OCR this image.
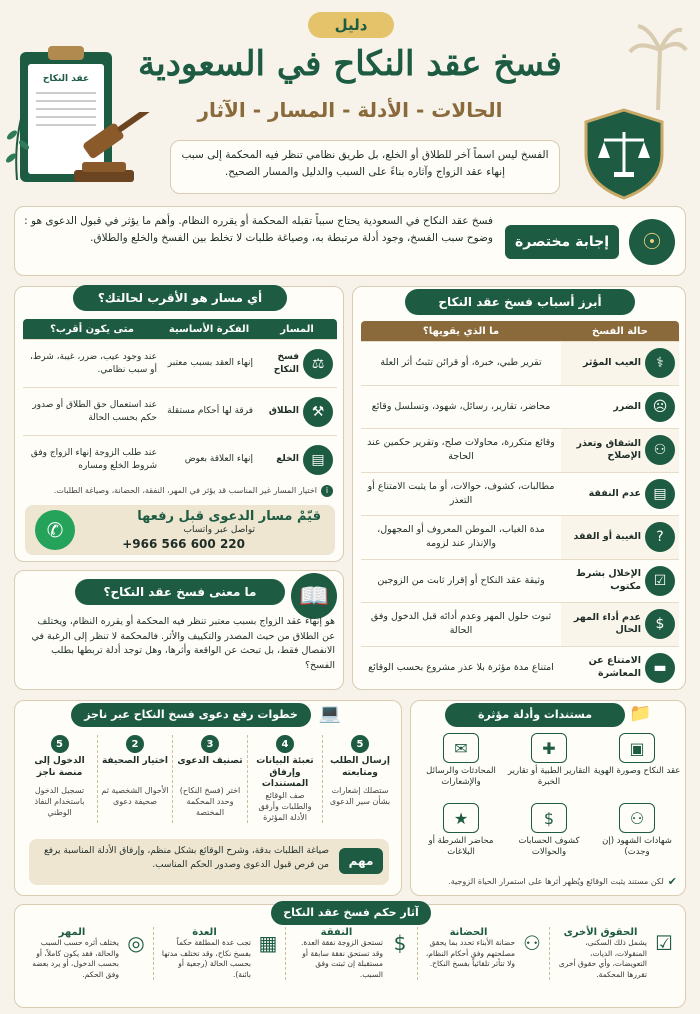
عقد النكاح
دليل
فسخ عقد النكاح في السعودية
الحالات - الأدلة - المسار - الآثار
الفسخ ليس اسماً آخر للطلاق أو الخلع، بل طريق نظامي تنظر فيه المحكمة إلى سبب إنهاء عقد الزواج وآثاره بناءً على السبب والدليل والمسار الصحيح.
☉
إجابة مختصرة
فسخ عقد النكاح في السعودية يحتاج سبباً تقبله المحكمة أو يقرره النظام. وأهم ما يؤثر في قبول الدعوى هو : وضوح سبب الفسخ، وجود أدلة مرتبطة به، وصياغة طلبات لا تخلط بين الفسخ والخلع والطلاق.
أي مسار هو الأقرب لحالتك؟
المسار
الفكرة الأساسية
متى يكون أقرب؟
⚖
فسخ النكاح
إنهاء العقد بسبب معتبر
عند وجود عيب، ضرر، غيبة، شرط، أو سبب نظامي.
⚒
الطلاق
فرقة لها أحكام مستقلة
عند استعمال حق الطلاق أو صدور حكم بحسب الحالة
▤
الخلع
إنهاء العلاقة بعوض
عند طلب الزوجة إنهاء الزواج وفق شروط الخلع ومساره
i
اختيار المسار غير المناسب قد يؤثر في المهر، النفقة، الحضانة، وصياغة الطلبات.
قيّمْ مسار الدعوى قبل رفعها
تواصل عبر واتساب
+966 566 600 220
✆
📖
ما معنى فسخ عقد النكاح؟
هو إنهاء عقد الزواج بسبب معتبر تنظر فيه المحكمة أو يقرره النظام، ويختلف عن الطلاق من حيث المصدر والتكييف والأثر. فالمحكمة لا تنظر إلى الرغبة في الانفصال فقط، بل تبحث عن الواقعة وأثرها، وهل توجد أدلة تربطها بطلب الفسخ؟
أبرز أسباب فسخ عقد النكاح
حالة الفسخ
ما الذي يقويها؟
⚕
العيب المؤثر
تقرير طبي، خبرة، أو قرائن تثبتُ أثر العلة
☹
الضرر
محاضر، تقارير، رسائل، شهود، وتسلسل وقائع
⚇
الشقاق وتعذر الإصلاح
وقائع متكررة، محاولات صلح، وتقرير حكمين عند الحاجة
▤
عدم النفقة
مطالبات، كشوف، حوالات، أو ما يثبت الامتناع أو التعذر
?
الغيبة أو الفقد
مدة الغياب، الموطن المعروف أو المجهول، والإنذار عند لزومه
☑
الإخلال بشرط مكتوب
وثيقة عقد النكاح أو إقرار ثابت من الزوجين
$
عدم أداء المهر الحال
ثبوت حلول المهر وعدم أدائه قبل الدخول وفق الحالة
▬
الامتناع عن المعاشرة
امتناع مدة مؤثرة بلا عذر مشروع بحسب الوقائع
خطوات رفع دعوى فسخ النكاح عبر ناجز	💻
5
إرسال الطلب ومتابعته
ستصلك إشعارات بشأن سير الدعوى
4
تعبئة البيانات وإرفاق المستندات
صف الوقائع والطلبات وأرفق الأدلة المؤثرة
3
تصنيف الدعوى
اختر (فسخ النكاح) وحدد المحكمة المختصة
2
اختيار الصحيفة
الأحوال الشخصية ثم صحيفة دعوى
5
الدخول إلى منصة ناجز
تسجيل الدخول باستخدام النفاذ الوطني
مهم
صياغة الطلبات بدقة، وشرح الوقائع بشكل منظم، وإرفاق الأدلة المناسبة يرفع من فرص قبول الدعوى وصدور الحكم المناسب.
مستندات وأدلة مؤثرة	📁
▣
عقد النكاح وصورة الهوية
✚
التقارير الطبية أو تقارير الخبرة
✉
المحادثات والرسائل والإشعارات
⚇
شهادات الشهود (إن وجدت)
$
كشوف الحسابات والحوالات
★
محاضر الشرطة أو البلاغات
✔
لكن مستند يثبت الوقائع ويُظهر أثرها على استمرار الحياة الزوجية.
آثار حكم فسخ عقد النكاح
☑
الحقوق الأخرى
يشمل ذلك السكنى، المنقولات، الديات، التعويضات، وأي حقوق أخرى تقررها المحكمة.
⚇
الحضانة
حضانة الأبناء تحدد بما يحقق مصلحتهم وفق أحكام النظام، ولا تتأثر تلقائياً بفسخ النكاح.
$
النفقة
تستحق الزوجة نفقة العدة. وقد تستحق نفقة سابقة أو مستقبلة إن ثبتت وفق السبب.
▦
العدة
تجب عدة المطلقة حكماً بفسخ نكاح، وقد تختلف مدتها بحسب الحالة (رجعية أو بائنة).
◎
المهر
يختلف أثره حسب السبب والحالة، فقد يكون كاملاً، أو بحسب الدخول، أو يرد بعضه وفق الحكم.
